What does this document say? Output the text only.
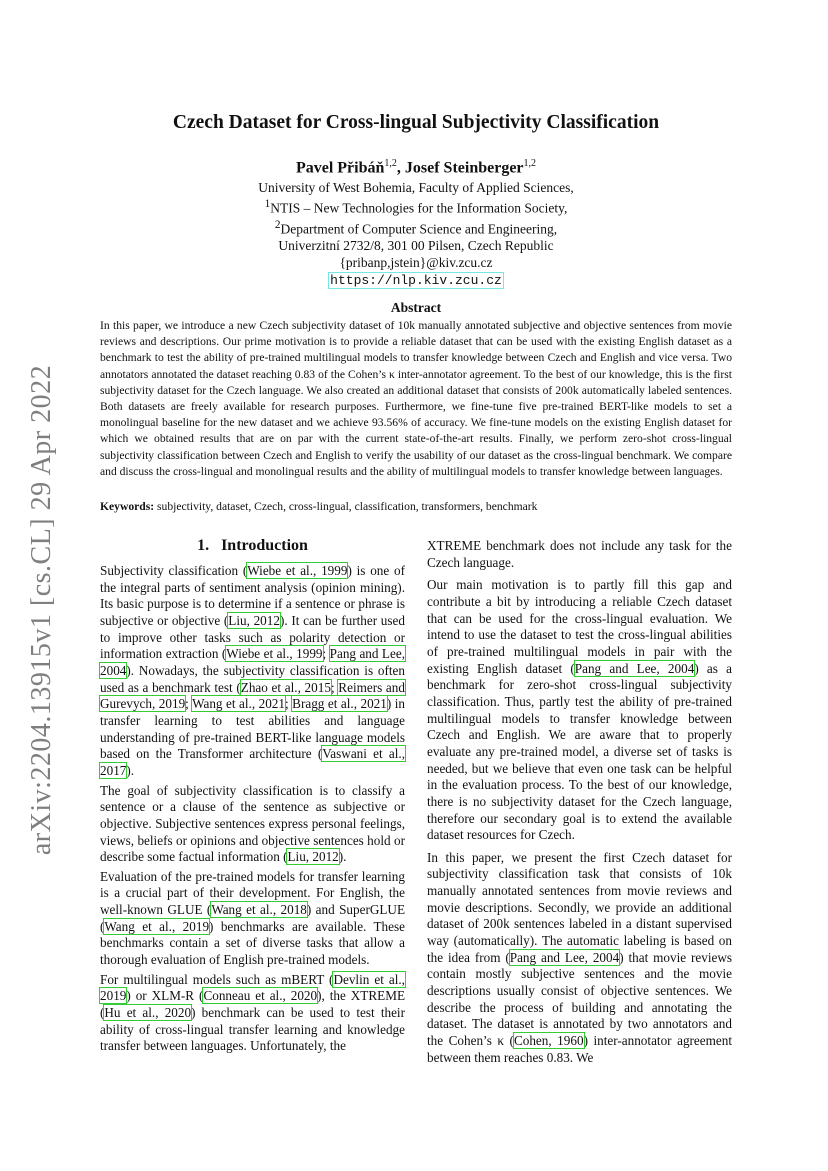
arXiv:2204.13915v1 [cs.CL] 29 Apr 2022
Czech Dataset for Cross-lingual Subjectivity Classification
Pavel Přibáň$^{1,2}$, Josef Steinberger$^{1,2}$
University of West Bohemia, Faculty of Applied Sciences,
$^1$NTIS – New Technologies for the Information Society,
$^2$Department of Computer Science and Engineering,
Univerzitní 2732/8, 301 00 Pilsen, Czech Republic
{pribanp,jstein}@kiv.zcu.cz
https://nlp.kiv.zcu.cz
Abstract
In this paper, we introduce a new Czech subjectivity dataset of 10k manually annotated subjective and objective sentences from movie reviews and descriptions. Our prime motivation is to provide a reliable dataset that can be used with the existing English dataset as a benchmark to test the ability of pre-trained multilingual models to transfer knowledge between Czech and English and vice versa. Two annotators annotated the dataset reaching 0.83 of the Cohen’s κ inter-annotator agreement. To the best of our knowledge, this is the first subjectivity dataset for the Czech language. We also created an additional dataset that consists of 200k automatically labeled sentences. Both datasets are freely available for research purposes. Furthermore, we fine-tune five pre-trained BERT-like models to set a monolingual baseline for the new dataset and we achieve 93.56% of accuracy. We fine-tune models on the existing English dataset for which we obtained results that are on par with the current state-of-the-art results. Finally, we perform zero-shot cross-lingual subjectivity classification between Czech and English to verify the usability of our dataset as the cross-lingual benchmark. We compare and discuss the cross-lingual and monolingual results and the ability of multilingual models to transfer knowledge between languages.
Keywords: subjectivity, dataset, Czech, cross-lingual, classification, transformers, benchmark
1. Introduction

Subjectivity classification (Wiebe et al., 1999) is one of the integral parts of sentiment analysis (opinion mining). Its basic purpose is to determine if a sentence or phrase is subjective or objective (Liu, 2012). It can be further used to improve other tasks such as polarity detection or information extraction (Wiebe et al., 1999; Pang and Lee, 2004). Nowadays, the subjectivity classification is often used as a benchmark test (Zhao et al., 2015; Reimers and Gurevych, 2019; Wang et al., 2021; Bragg et al., 2021) in transfer learning to test abilities and language understanding of pre-trained BERT-like language models based on the Transformer architecture (Vaswani et al., 2017).

The goal of subjectivity classification is to classify a sentence or a clause of the sentence as subjective or objective. Subjective sentences express personal feelings, views, beliefs or opinions and objective sentences hold or describe some factual information (Liu, 2012).

Evaluation of the pre-trained models for transfer learning is a crucial part of their development. For English, the well-known GLUE (Wang et al., 2018) and SuperGLUE (Wang et al., 2019) benchmarks are available. These benchmarks contain a set of diverse tasks that allow a thorough evaluation of English pre-trained models.

For multilingual models such as mBERT (Devlin et al., 2019) or XLM-R (Conneau et al., 2020), the XTREME (Hu et al., 2020) benchmark can be used to test their ability of cross-lingual transfer learning and knowledge transfer between languages. Unfortunately, the

XTREME benchmark does not include any task for the Czech language.

Our main motivation is to partly fill this gap and contribute a bit by introducing a reliable Czech dataset that can be used for the cross-lingual evaluation. We intend to use the dataset to test the cross-lingual abilities of pre-trained multilingual models in pair with the existing English dataset (Pang and Lee, 2004) as a benchmark for zero-shot cross-lingual subjectivity classification. Thus, partly test the ability of pre-trained multilingual models to transfer knowledge between Czech and English. We are aware that to properly evaluate any pre-trained model, a diverse set of tasks is needed, but we believe that even one task can be helpful in the evaluation process. To the best of our knowledge, there is no subjectivity dataset for the Czech language, therefore our secondary goal is to extend the available dataset resources for Czech.

In this paper, we present the first Czech dataset for subjectivity classification task that consists of 10k manually annotated sentences from movie reviews and movie descriptions. Secondly, we provide an additional dataset of 200k sentences labeled in a distant supervised way (automatically). The automatic labeling is based on the idea from (Pang and Lee, 2004) that movie reviews contain mostly subjective sentences and the movie descriptions usually consist of objective sentences. We describe the process of building and annotating the dataset. The dataset is annotated by two annotators and the Cohen’s κ (Cohen, 1960) inter-annotator agreement between them reaches 0.83. We
